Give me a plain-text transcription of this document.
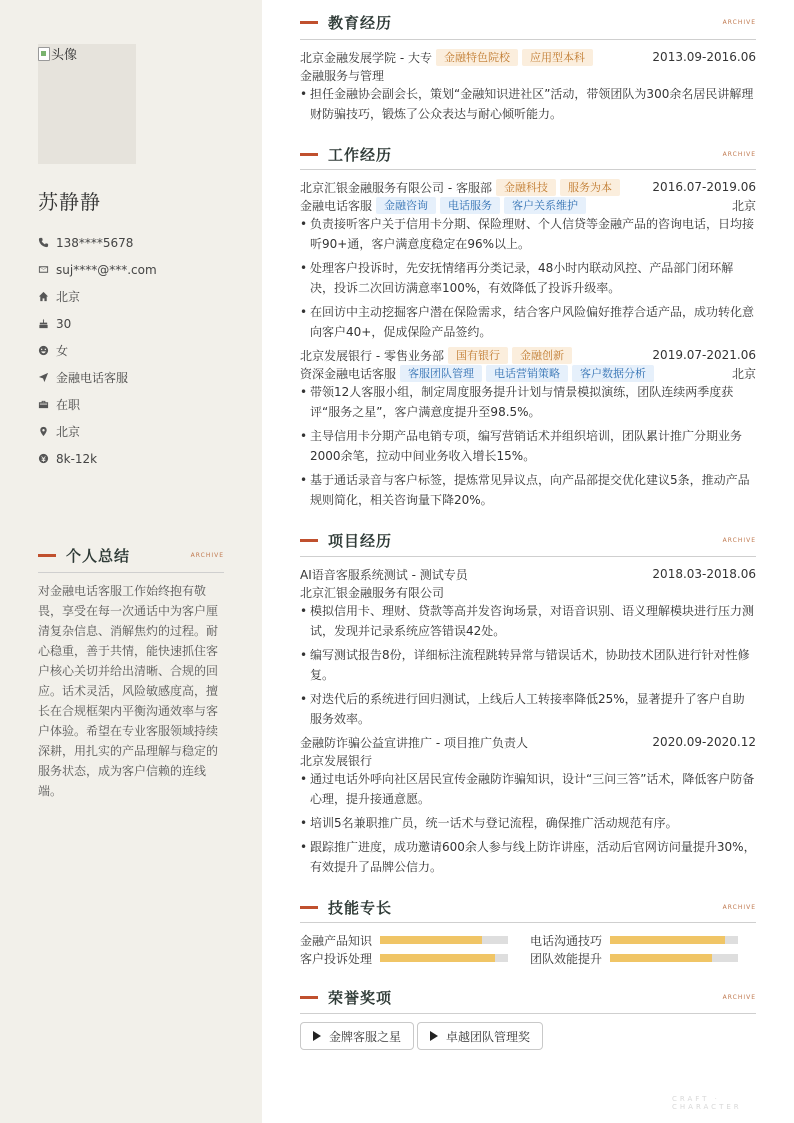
头像
苏静静
138****5678
suj****@***.com
北京
30
女
金融电话客服
在职
北京
8k-12k
个人总结	ARCHIVE
对金融电话客服工作始终抱有敬畏，享受在每一次通话中为客户厘清复杂信息、消解焦灼的过程。耐心稳重，善于共情，能快速抓住客户核心关切并给出清晰、合规的回应。话术灵活，风险敏感度高，擅长在合规框架内平衡沟通效率与客户体验。希望在专业客服领域持续深耕，用扎实的产品理解与稳定的服务状态，成为客户信赖的连线端。
教育经历	ARCHIVE
北京金融发展学院 - 大专	金融特色院校	应用型本科	2013.09-2016.06
金融服务与管理
• 担任金融协会副会长，策划“金融知识进社区”活动，带领团队为300余名居民讲解理财防骗技巧，锻炼了公众表达与耐心倾听能力。
工作经历	ARCHIVE
北京汇银金融服务有限公司 - 客服部	金融科技	服务为本	2016.07-2019.06
金融电话客服	金融咨询	电话服务	客户关系维护	北京
• 负责接听客户关于信用卡分期、保险理财、个人信贷等金融产品的咨询电话，日均接听90+通，客户满意度稳定在96%以上。
• 处理客户投诉时，先安抚情绪再分类记录，48小时内联动风控、产品部门闭环解决，投诉二次回访满意率100%，有效降低了投诉升级率。
• 在回访中主动挖掘客户潜在保险需求，结合客户风险偏好推荐合适产品，成功转化意向客户40+，促成保险产品签约。
北京发展银行 - 零售业务部	国有银行	金融创新	2019.07-2021.06
资深金融电话客服	客服团队管理	电话营销策略	客户数据分析	北京
• 带领12人客服小组，制定周度服务提升计划与情景模拟演练，团队连续两季度获评“服务之星”，客户满意度提升至98.5%。
• 主导信用卡分期产品电销专项，编写营销话术并组织培训，团队累计推广分期业务2000余笔，拉动中间业务收入增长15%。
• 基于通话录音与客户标签，提炼常见异议点，向产品部提交优化建议5条，推动产品规则简化，相关咨询量下降20%。
项目经历	ARCHIVE
AI语音客服系统测试 - 测试专员	2018.03-2018.06
北京汇银金融服务有限公司
• 模拟信用卡、理财、贷款等高并发咨询场景，对语音识别、语义理解模块进行压力测试，发现并记录系统应答错误42处。
• 编写测试报告8份，详细标注流程跳转异常与错误话术，协助技术团队进行针对性修复。
• 对迭代后的系统进行回归测试，上线后人工转接率降低25%，显著提升了客户自助服务效率。
金融防诈骗公益宣讲推广 - 项目推广负责人	2020.09-2020.12
北京发展银行
• 通过电话外呼向社区居民宣传金融防诈骗知识，设计“三问三答”话术，降低客户防备心理，提升接通意愿。
• 培训5名兼职推广员，统一话术与登记流程，确保推广活动规范有序。
• 跟踪推广进度，成功邀请600余人参与线上防诈讲座，活动后官网访问量提升30%，有效提升了品牌公信力。
技能专长	ARCHIVE
金融产品知识	电话沟通技巧
客户投诉处理	团队效能提升
荣誉奖项	ARCHIVE
金牌客服之星	卓越团队管理奖
CRAFT · CHARACTER
